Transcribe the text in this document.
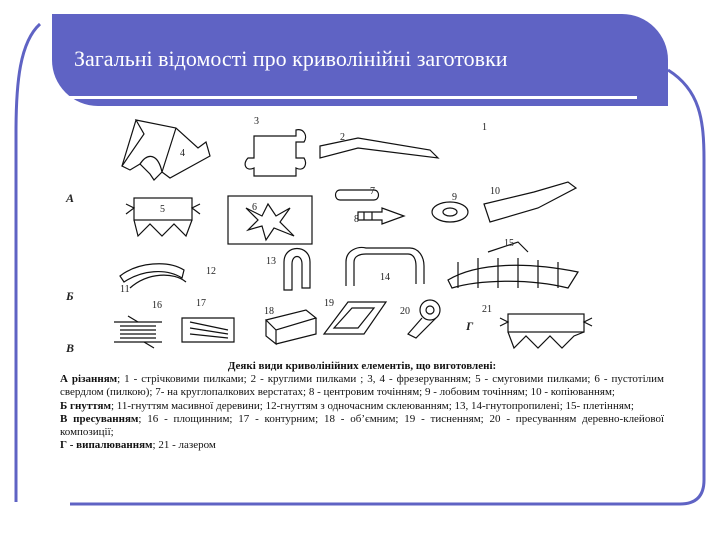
Загальні відомості про криволінійні заготовки
1
2
3
4
5	6
7
8
9
10
11
12
13
14
15
16	17
18
19
20	21
А
Б
В
Г
Деякі види криволінійних елементів, що виготовлені:

А різанням; 1 - стрічковими пилками; 2 - круглими пилками ; 3, 4 - фрезеруванням; 5 - смуговими пилками; 6 - пустотілим свердлом (пилкою); 7- на круглопалкових верстатах; 8 - центровим точінням; 9 - лобовим точінням; 10 - копіюванням;

Б гнуттям; 11-гнуттям масивної деревини; 12-гнуттям з одночасним склеюванням; 13, 14-гнутопропилені; 15- плетінням;

В пресуванням; 16 - площинним; 17 - контурним; 18 - об’ємним; 19 - тисненням; 20 - пресуванням деревно-клейової композиції;

Г - випалюванням; 21 - лазером
